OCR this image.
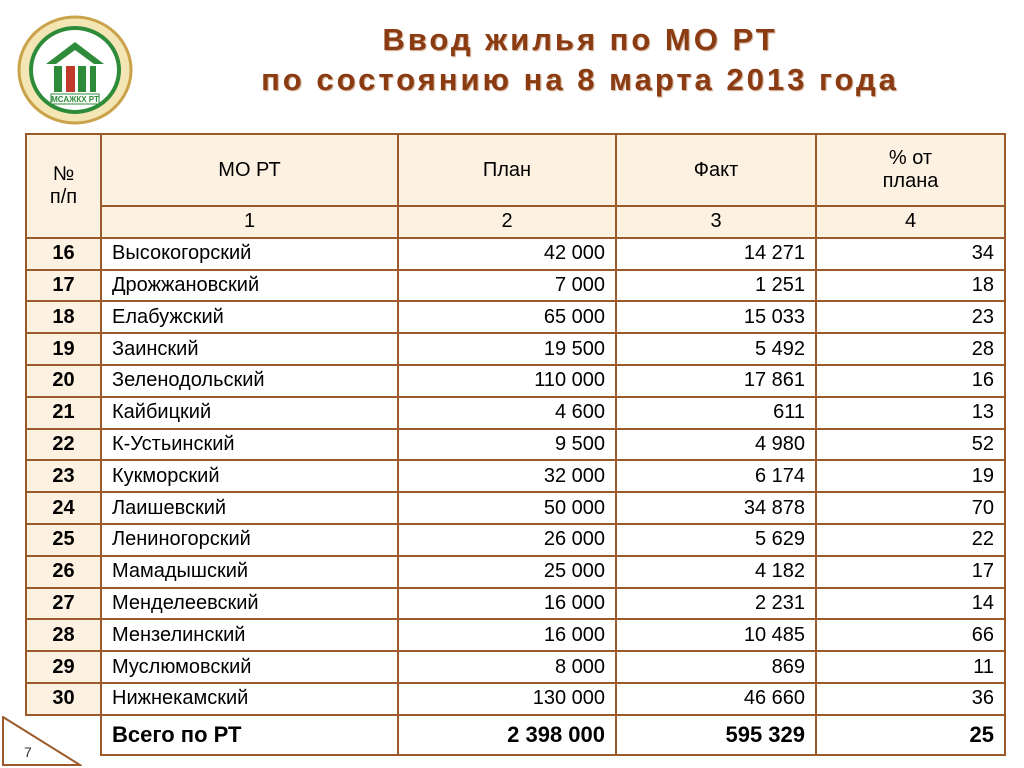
МСАЖКХ РТ
Ввод жилья по МО РТ
по состоянию на 8 марта 2013 года
№ п/п	МО РТ	План	Факт	% от плана
	1	2	3	4
16	Высокогорский	42 000	14 271	34
17	Дрожжановский	7 000	1 251	18
18	Елабужский	65 000	15 033	23
19	Заинский	19 500	5 492	28
20	Зеленодольский	110 000	17 861	16
21	Кайбицкий	4 600	611	13
22	К-Устьинский	9 500	4 980	52
23	Кукморский	32 000	6 174	19
24	Лаишевский	50 000	34 878	70
25	Лениногорский	26 000	5 629	22
26	Мамадышский	25 000	4 182	17
27	Менделеевский	16 000	2 231	14
28	Мензелинский	16 000	10 485	66
29	Муслюмовский	8 000	869	11
30	Нижнекамский	130 000	46 660	36
	Всего по РТ	2 398 000	595 329	25
7
